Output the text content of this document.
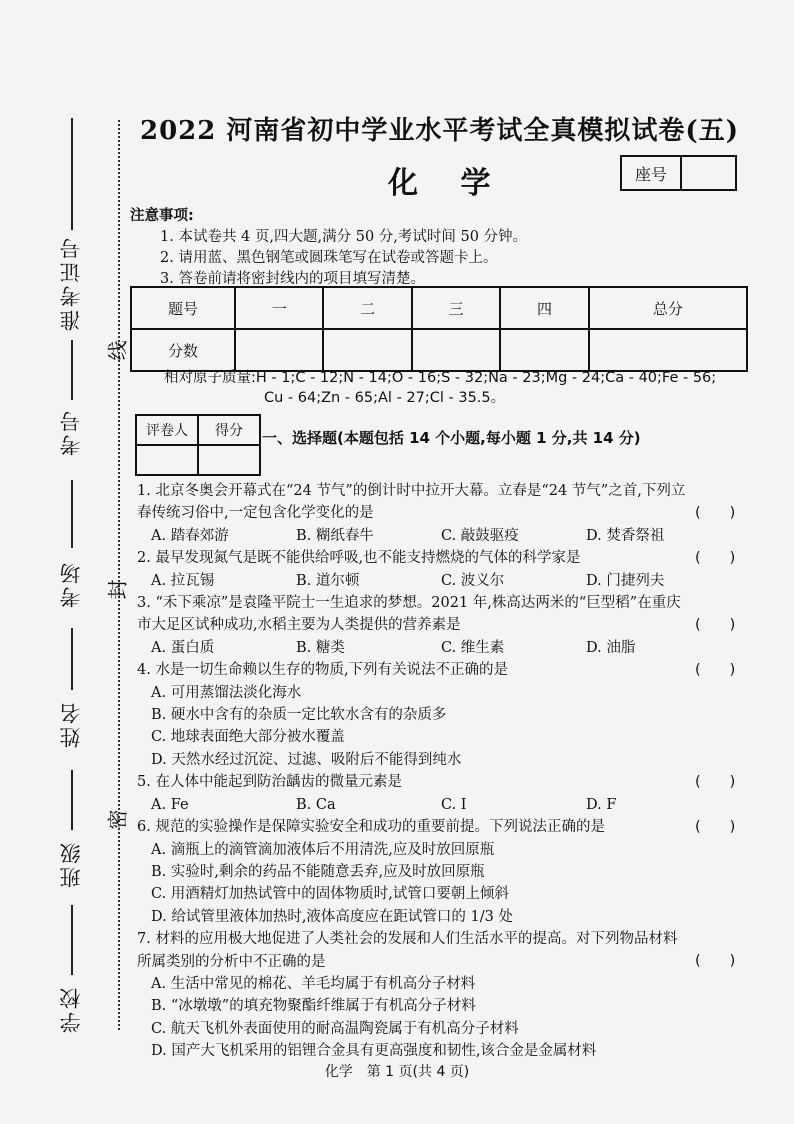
准考证号
考号
考场
姓名
班级
学校
线
封
密
2022 河南省初中学业水平考试全真模拟试卷(五)
化 学	座号
注意事项:
1. 本试卷共 4 页,四大题,满分 50 分,考试时间 50 分钟。
2. 请用蓝、黑色钢笔或圆珠笔写在试卷或答题卡上。
3. 答卷前请将密封线内的项目填写清楚。
题号	一	二	三	四	总分
分数					
相对原子质量:H - 1;C - 12;N - 14;O - 16;S - 32;Na - 23;Mg - 24;Ca - 40;Fe - 56;
Cu - 64;Zn - 65;Al - 27;Cl - 35.5。
评卷人	得分
	一、选择题(本题包括 14 个小题,每小题 1 分,共 14 分)
1. 北京冬奥会开幕式在“24 节气”的倒计时中拉开大幕。立春是“24 节气”之首,下列立春传统习俗中,一定包含化学变化的是	(　　)
A. 踏春郊游	B. 糊纸春牛	C. 敲鼓驱疫	D. 焚香祭祖
2. 最早发现氮气是既不能供给呼吸,也不能支持燃烧的气体的科学家是	(　　)
A. 拉瓦锡	B. 道尔顿	C. 波义尔	D. 门捷列夫
3. “禾下乘凉”是袁隆平院士一生追求的梦想。2021 年,株高达两米的“巨型稻”在重庆市大足区试种成功,水稻主要为人类提供的营养素是	(　　)
A. 蛋白质	B. 糖类	C. 维生素	D. 油脂
4. 水是一切生命赖以生存的物质,下列有关说法不正确的是	(　　)
A. 可用蒸馏法淡化海水
B. 硬水中含有的杂质一定比软水含有的杂质多
C. 地球表面绝大部分被水覆盖
D. 天然水经过沉淀、过滤、吸附后不能得到纯水
5. 在人体中能起到防治龋齿的微量元素是	(　　)
A. Fe	B. Ca	C. I	D. F
6. 规范的实验操作是保障实验安全和成功的重要前提。下列说法正确的是	(　　)
A. 滴瓶上的滴管滴加液体后不用清洗,应及时放回原瓶
B. 实验时,剩余的药品不能随意丢弃,应及时放回原瓶
C. 用酒精灯加热试管中的固体物质时,试管口要朝上倾斜
D. 给试管里液体加热时,液体高度应在距试管口的 1/3 处
7. 材料的应用极大地促进了人类社会的发展和人们生活水平的提高。对下列物品材料所属类别的分析中不正确的是	(　　)
A. 生活中常见的棉花、羊毛均属于有机高分子材料
B. “冰墩墩”的填充物聚酯纤维属于有机高分子材料
C. 航天飞机外表面使用的耐高温陶瓷属于有机高分子材料
D. 国产大飞机采用的铝锂合金具有更高强度和韧性,该合金是金属材料
化学　第 1 页(共 4 页)
